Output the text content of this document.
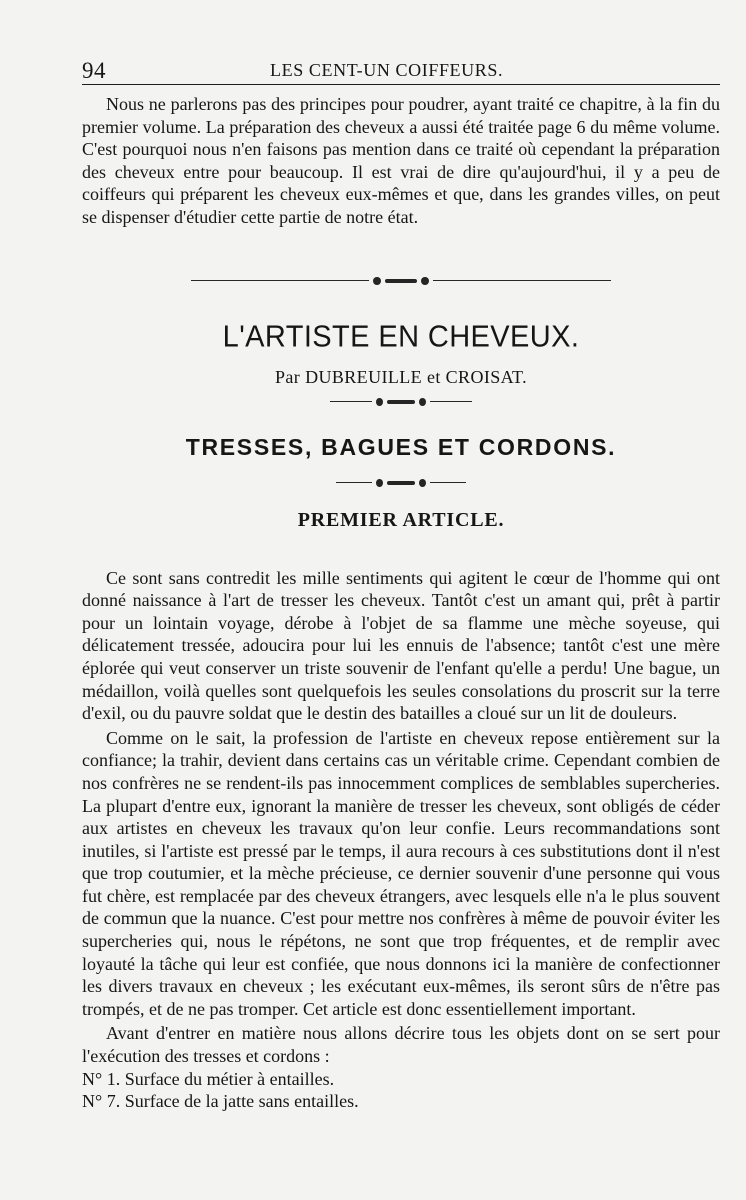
94	LES CENT-UN COIFFEURS.

Nous ne parlerons pas des principes pour poudrer, ayant traité ce chapitre, à la fin du premier volume. La préparation des cheveux a aussi été traitée page 6 du même volume. C'est pourquoi nous n'en faisons pas mention dans ce traité où cependant la préparation des cheveux entre pour beaucoup. Il est vrai de dire qu'aujourd'hui, il y a peu de coiffeurs qui préparent les cheveux eux-mêmes et que, dans les grandes villes, on peut se dispenser d'étudier cette partie de notre état.

L'ARTISTE EN CHEVEUX.
Par DUBREUILLE et CROISAT.
TRESSES, BAGUES ET CORDONS.
PREMIER ARTICLE.

Ce sont sans contredit les mille sentiments qui agitent le cœur de l'homme qui ont donné naissance à l'art de tresser les cheveux. Tantôt c'est un amant qui, prêt à partir pour un lointain voyage, dérobe à l'objet de sa flamme une mèche soyeuse, qui délicatement tressée, adoucira pour lui les ennuis de l'absence; tantôt c'est une mère éplorée qui veut conserver un triste souvenir de l'enfant qu'elle a perdu! Une bague, un médaillon, voilà quelles sont quelquefois les seules consolations du proscrit sur la terre d'exil, ou du pauvre soldat que le destin des batailles a cloué sur un lit de douleurs.

Comme on le sait, la profession de l'artiste en cheveux repose entièrement sur la confiance; la trahir, devient dans certains cas un véritable crime. Cependant combien de nos confrères ne se rendent-ils pas innocemment complices de semblables supercheries. La plupart d'entre eux, ignorant la manière de tresser les cheveux, sont obligés de céder aux artistes en cheveux les travaux qu'on leur confie. Leurs recommandations sont inutiles, si l'artiste est pressé par le temps, il aura recours à ces substitutions dont il n'est que trop coutumier, et la mèche précieuse, ce dernier souvenir d'une personne qui vous fut chère, est remplacée par des cheveux étrangers, avec lesquels elle n'a le plus souvent de commun que la nuance. C'est pour mettre nos confrères à même de pouvoir éviter les supercheries qui, nous le répétons, ne sont que trop fréquentes, et de remplir avec loyauté la tâche qui leur est confiée, que nous donnons ici la manière de confectionner les divers travaux en cheveux ; les exécutant eux-mêmes, ils seront sûrs de n'être pas trompés, et de ne pas tromper. Cet article est donc essentiellement important.

Avant d'entrer en matière nous allons décrire tous les objets dont on se sert pour l'exécution des tresses et cordons :

N° 1. Surface du métier à entailles.
N° 7. Surface de la jatte sans entailles.
